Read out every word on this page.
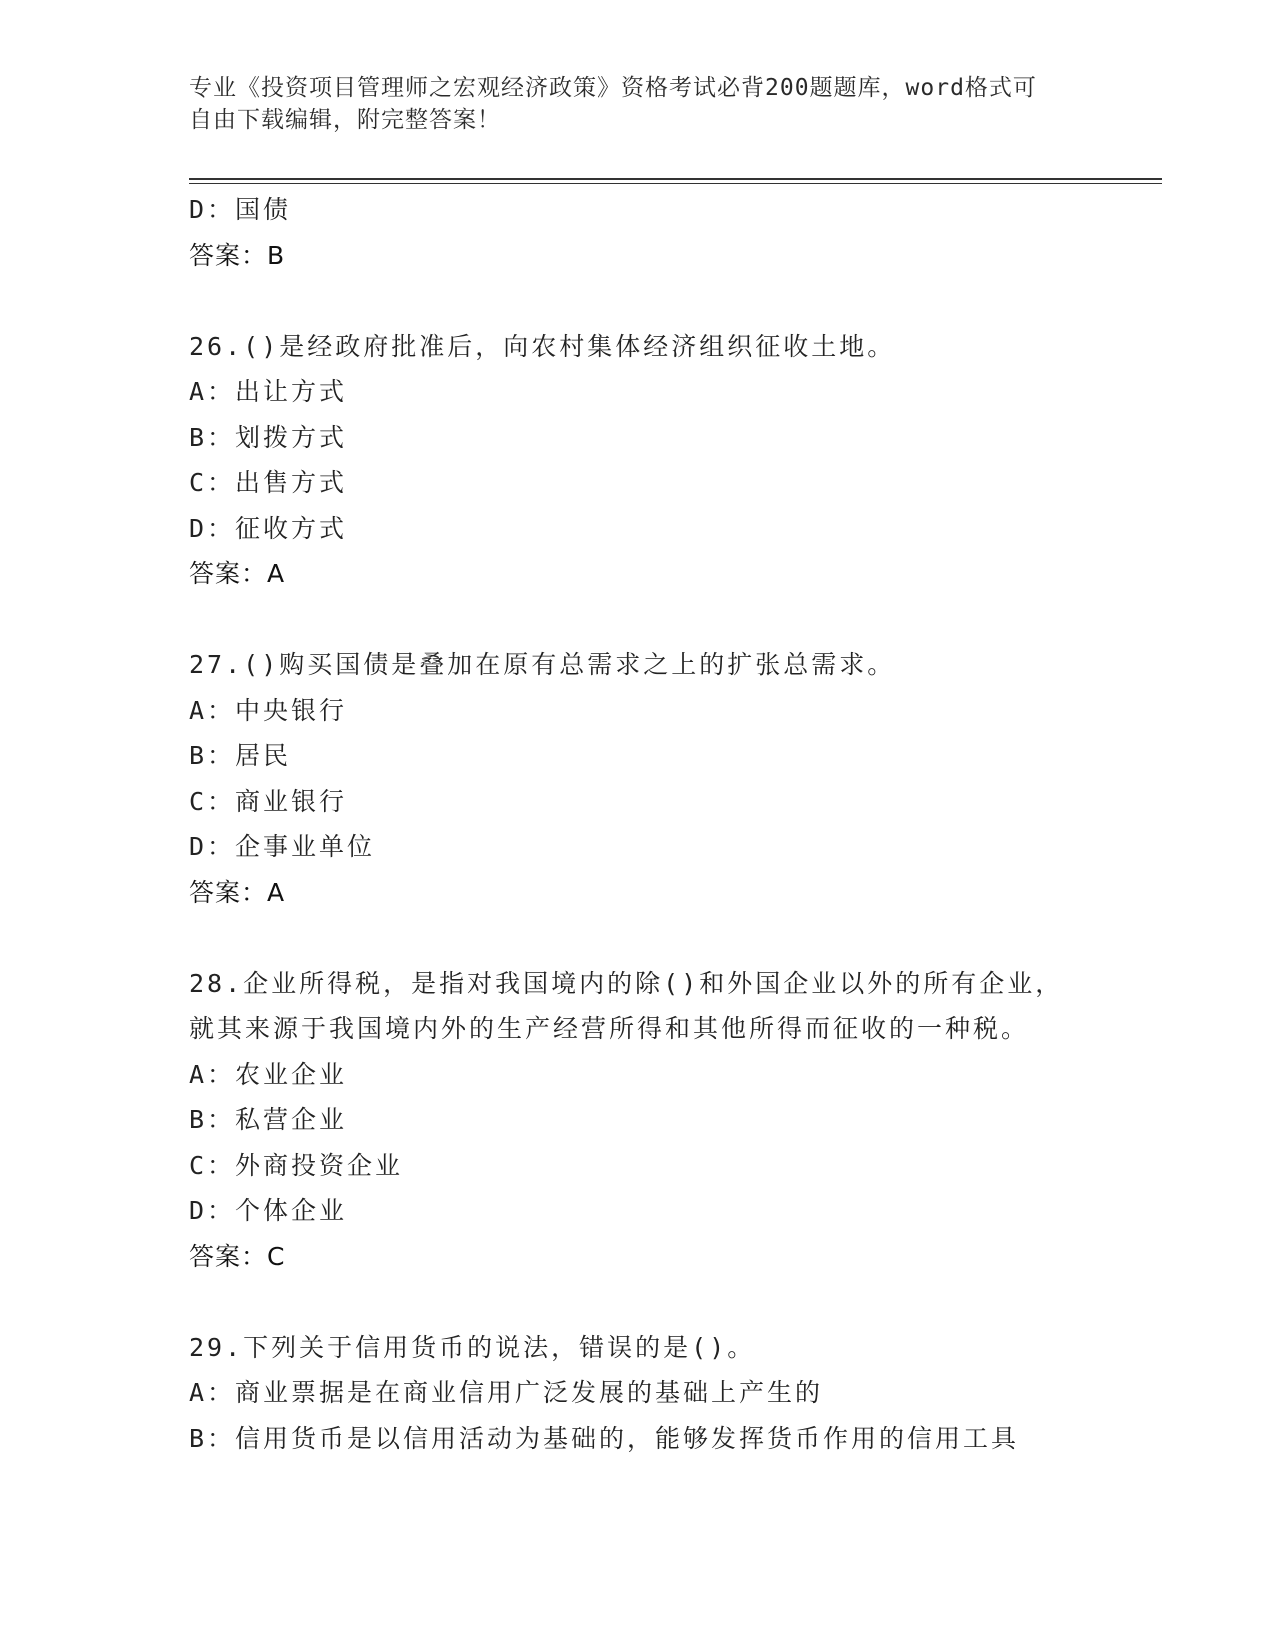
专业《投资项目管理师之宏观经济政策》资格考试必背200题题库，word格式可
自由下载编辑，附完整答案！
D：国债
答案：B
26.()是经政府批准后，向农村集体经济组织征收土地。
A：出让方式
B：划拨方式
C：出售方式
D：征收方式
答案：A
27.()购买国债是叠加在原有总需求之上的扩张总需求。
A：中央银行
B：居民
C：商业银行
D：企事业单位
答案：A
28.企业所得税，是指对我国境内的除()和外国企业以外的所有企业，
就其来源于我国境内外的生产经营所得和其他所得而征收的一种税。
A：农业企业
B：私营企业
C：外商投资企业
D：个体企业
答案：C
29.下列关于信用货币的说法，错误的是()。
A：商业票据是在商业信用广泛发展的基础上产生的
B：信用货币是以信用活动为基础的，能够发挥货币作用的信用工具
